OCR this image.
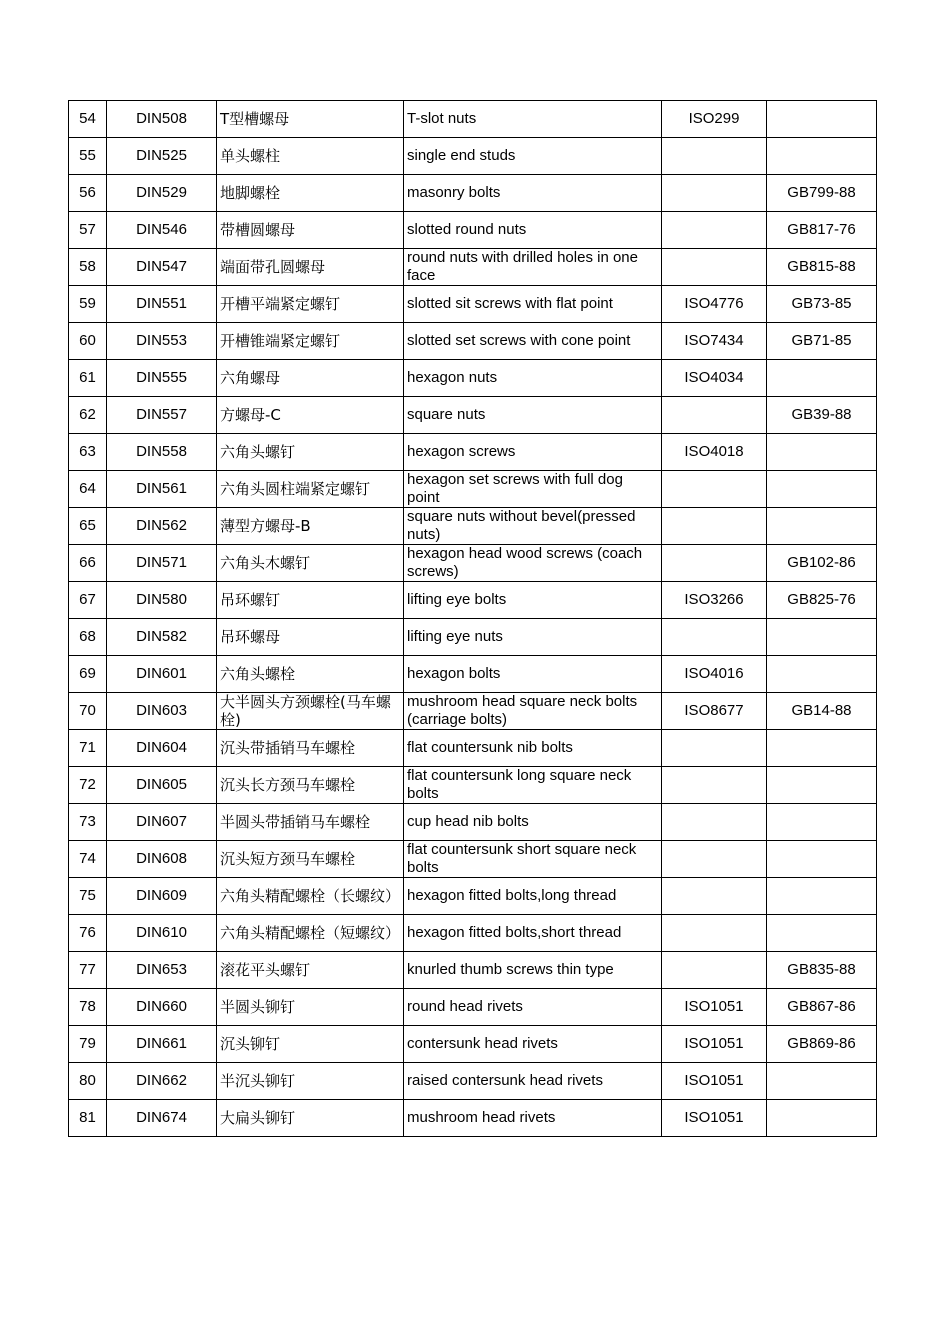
54	DIN508	T型槽螺母	T-slot nuts	ISO299	
55	DIN525	单头螺柱	single end studs		
56	DIN529	地脚螺栓	masonry bolts		GB799-88
57	DIN546	带槽圆螺母	slotted round nuts		GB817-76
58	DIN547	端面带孔圆螺母	round nuts with drilled holes in one face		GB815-88
59	DIN551	开槽平端紧定螺钉	slotted sit screws with flat point	ISO4776	GB73-85
60	DIN553	开槽锥端紧定螺钉	slotted set screws with cone point	ISO7434	GB71-85
61	DIN555	六角螺母	hexagon nuts	ISO4034	
62	DIN557	方螺母-C	square nuts		GB39-88
63	DIN558	六角头螺钉	hexagon screws	ISO4018	
64	DIN561	六角头圆柱端紧定螺钉	hexagon set screws with full dog point		
65	DIN562	薄型方螺母-B	square nuts without bevel(pressed nuts)		
66	DIN571	六角头木螺钉	hexagon head wood screws (coach screws)		GB102-86
67	DIN580	吊环螺钉	lifting eye bolts	ISO3266	GB825-76
68	DIN582	吊环螺母	lifting eye nuts		
69	DIN601	六角头螺栓	hexagon bolts	ISO4016	
70	DIN603	大半圆头方颈螺栓(马车螺栓)	mushroom head square neck bolts (carriage bolts)	ISO8677	GB14-88
71	DIN604	沉头带插销马车螺栓	flat countersunk nib bolts		
72	DIN605	沉头长方颈马车螺栓	flat countersunk long square neck bolts		
73	DIN607	半圆头带插销马车螺栓	cup head nib bolts		
74	DIN608	沉头短方颈马车螺栓	flat countersunk short square neck bolts		
75	DIN609	六角头精配螺栓（长螺纹）	hexagon fitted bolts,long thread		
76	DIN610	六角头精配螺栓（短螺纹）	hexagon fitted bolts,short thread		
77	DIN653	滚花平头螺钉	knurled thumb screws thin type		GB835-88
78	DIN660	半圆头铆钉	round head rivets	ISO1051	GB867-86
79	DIN661	沉头铆钉	contersunk head rivets	ISO1051	GB869-86
80	DIN662	半沉头铆钉	raised contersunk head rivets	ISO1051	
81	DIN674	大扁头铆钉	mushroom head rivets	ISO1051	
